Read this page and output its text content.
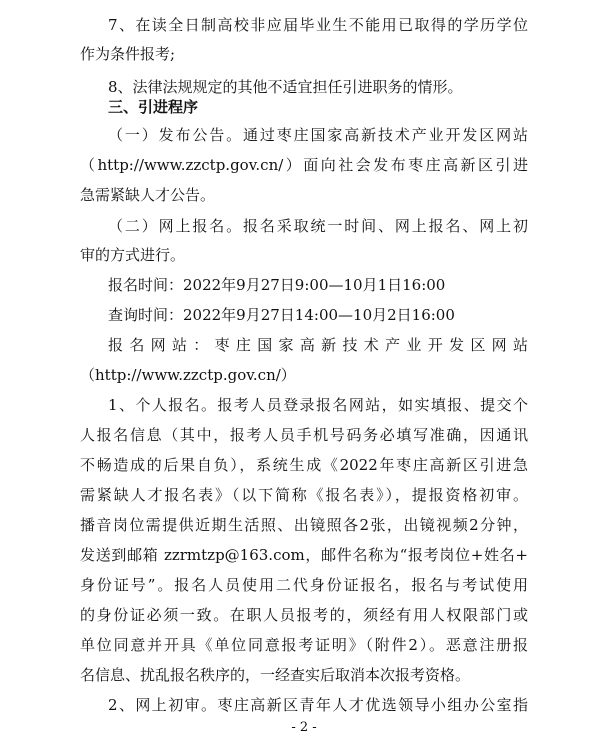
7、在读全日制高校非应届毕业生不能用已取得的学历学位
作为条件报考;
8、法律法规规定的其他不适宜担任引进职务的情形。
三、引进程序
（一）发布公告。通过枣庄国家高新技术产业开发区网站
（http://www.zzctp.gov.cn/）面向社会发布枣庄高新区引进
急需紧缺人才公告。
（二）网上报名。报名采取统一时间、网上报名、网上初
审的方式进行。
报名时间：2022年9月27日9:00—10月1日16:00
查询时间：2022年9月27日14:00—10月2日16:00
报名网站：枣庄国家高新技术产业开发区网站
（http://www.zzctp.gov.cn/）
1、个人报名。报考人员登录报名网站，如实填报、提交个
人报名信息（其中，报考人员手机号码务必填写准确，因通讯
不畅造成的后果自负），系统生成《2022年枣庄高新区引进急
需紧缺人才报名表》（以下简称《报名表》），提报资格初审。
播音岗位需提供近期生活照、出镜照各2张，出镜视频2分钟，
发送到邮箱 zzrmtzp@163.com，邮件名称为“报考岗位+姓名+
身份证号”。报名人员使用二代身份证报名，报名与考试使用
的身份证必须一致。在职人员报考的，须经有用人权限部门或
单位同意并开具《单位同意报考证明》（附件2）。恶意注册报
名信息、扰乱报名秩序的，一经查实后取消本次报考资格。
2、网上初审。枣庄高新区青年人才优选领导小组办公室指
- 2 -
